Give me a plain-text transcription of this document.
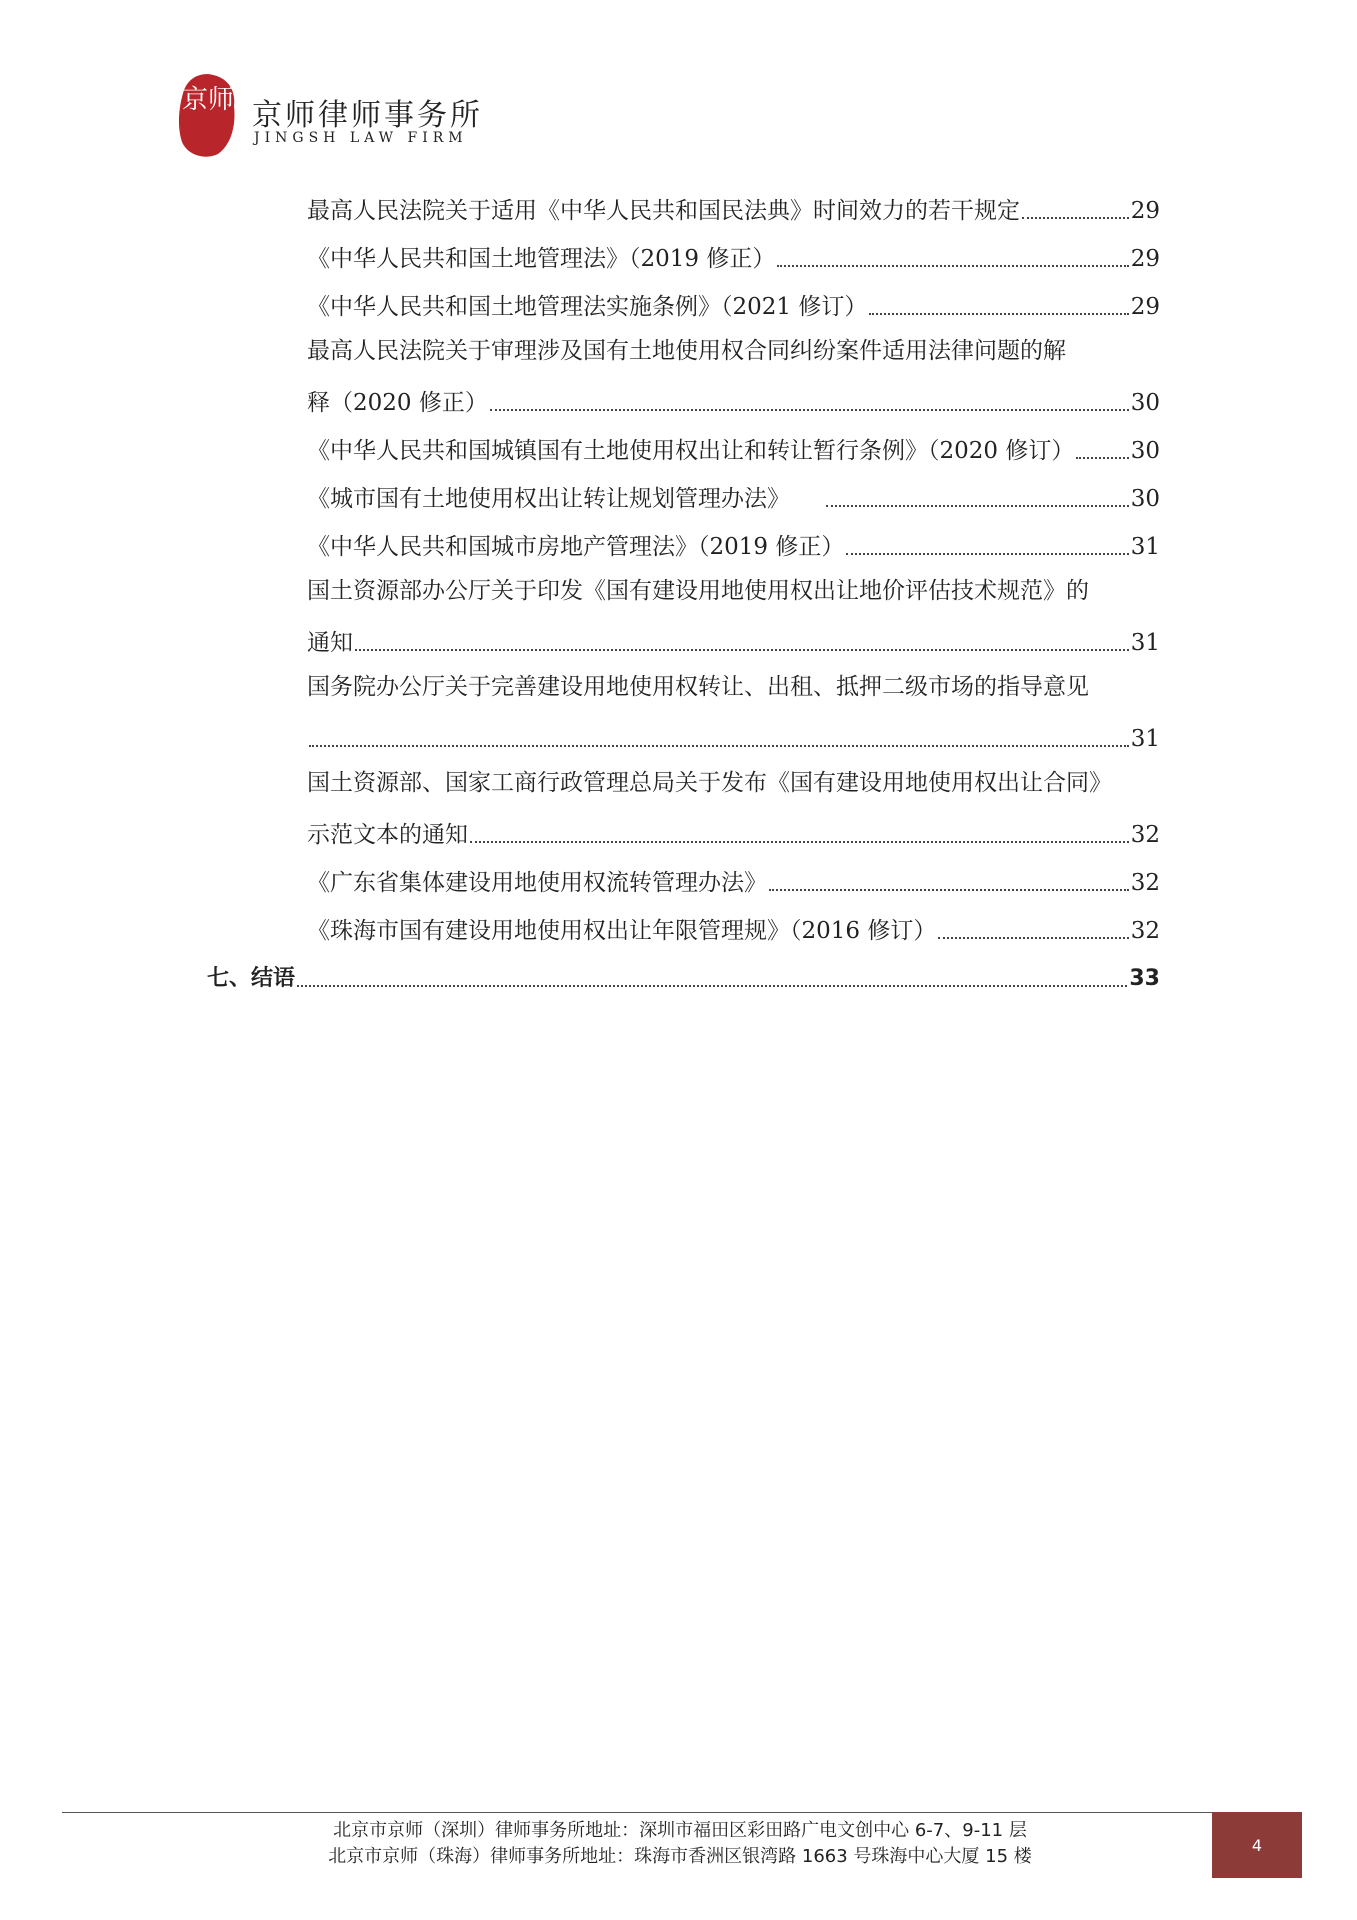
京师 京师律师事务所
JINGSH LAW FIRM
最高人民法院关于适用《中华人民共和国民法典》时间效力的若干规定	29
《中华人民共和国土地管理法》（2019 修正）	29
《中华人民共和国土地管理法实施条例》（2021 修订）	29
最高人民法院关于审理涉及国有土地使用权合同纠纷案件适用法律问题的解
释（2020 修正）	30
《中华人民共和国城镇国有土地使用权出让和转让暂行条例》（2020 修订） 30
《城市国有土地使用权出让转让规划管理办法》	30
《中华人民共和国城市房地产管理法》（2019 修正）	31
国土资源部办公厅关于印发《国有建设用地使用权出让地价评估技术规范》的
通知	31
国务院办公厅关于完善建设用地使用权转让、出租、抵押二级市场的指导意见
31
国土资源部、国家工商行政管理总局关于发布《国有建设用地使用权出让合同》
示范文本的通知	32
《广东省集体建设用地使用权流转管理办法》	32
《珠海市国有建设用地使用权出让年限管理规》（2016 修订）	32
七、结语	33
北京市京师（深圳）律师事务所地址：深圳市福田区彩田路广电文创中心 6-7、9-11 层
北京市京师（珠海）律师事务所地址：珠海市香洲区银湾路 1663 号珠海中心大厦 15 楼
4
